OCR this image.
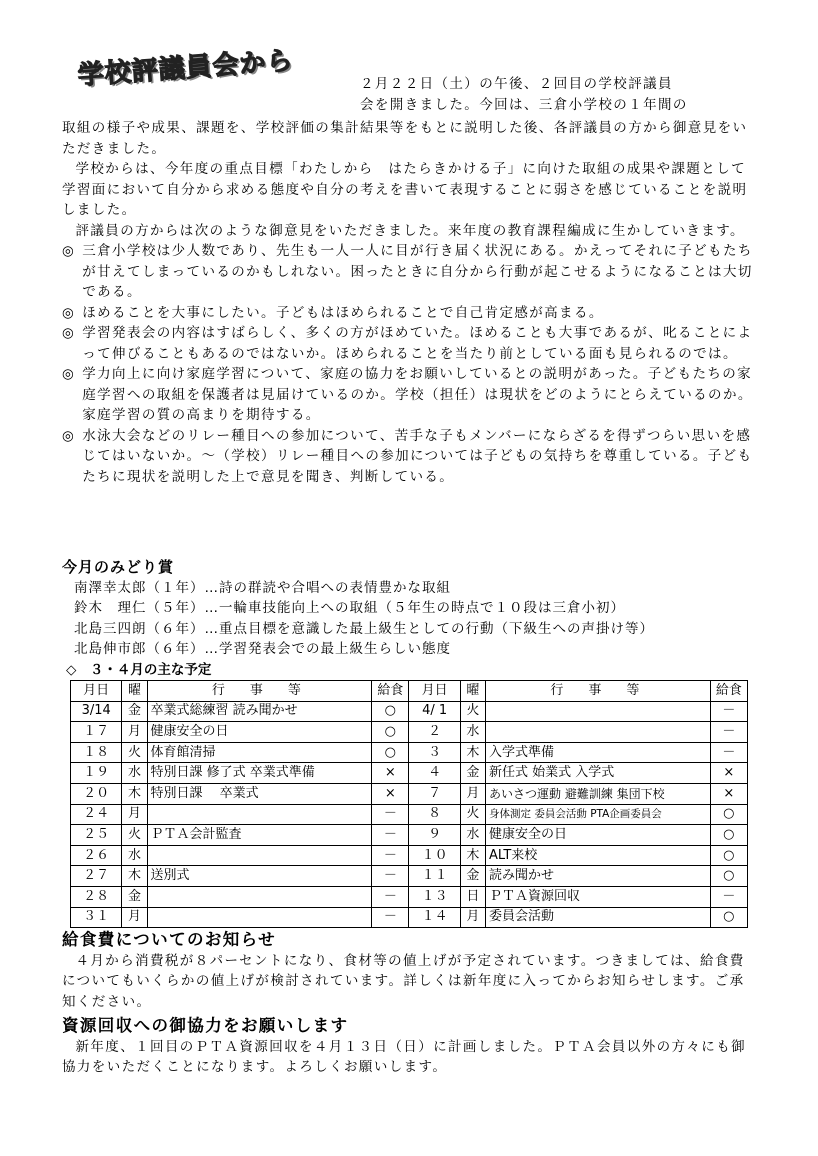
学校評議員会から	２月２２日（土）の午後、２回目の学校評議員
会を開きました。今回は、三倉小学校の１年間の

取組の様子や成果、課題を、学校評価の集計結果等をもとに説明した後、各評議員の方から御意見をいただきました。

学校からは、今年度の重点目標「わたしから　はたらきかける子」に向けた取組の成果や課題として学習面において自分から求める態度や自分の考えを書いて表現することに弱さを感じていることを説明しました。

評議員の方からは次のような御意見をいただきました。来年度の教育課程編成に生かしていきます。

◎ 三倉小学校は少人数であり、先生も一人一人に目が行き届く状況にある。かえってそれに子どもたちが甘えてしまっているのかもしれない。困ったときに自分から行動が起こせるようになることは大切である。

◎ ほめることを大事にしたい。子どもはほめられることで自己肯定感が高まる。

◎ 学習発表会の内容はすばらしく、多くの方がほめていた。ほめることも大事であるが、叱ることによって伸びることもあるのではないか。ほめられることを当たり前としている面も見られるのでは。

◎ 学力向上に向け家庭学習について、家庭の協力をお願いしているとの説明があった。子どもたちの家庭学習への取組を保護者は見届けているのか。学校（担任）は現状をどのようにとらえているのか。家庭学習の質の高まりを期待する。

◎ 水泳大会などのリレー種目への参加について、苦手な子もメンバーにならざるを得ずつらい思いを感じてはいないか。～（学校）リレー種目への参加については子どもの気持ちを尊重している。子どもたちに現状を説明した上で意見を聞き、判断している。

今月のみどり賞
南澤幸太郎（１年）…詩の群読や合唱への表情豊かな取組
鈴木　理仁（５年）…一輪車技能向上への取組（５年生の時点で１０段は三倉小初）
北島三四朗（６年）…重点目標を意識した最上級生としての行動（下級生への声掛け等）
北島伸市郎（６年）…学習発表会での最上級生らしい態度
◇　３・４月の主な予定
月日	曜	行　事　等	給食	月日	曜	行　事　等	給食
3/14	金	卒業式総練習 読み聞かせ	○	4/ 1	火		－
１７	月	健康安全の日	○	２	水		－
１８	火	体育館清掃	○	３	木	入学式準備	－
１９	水	特別日課 修了式 卒業式準備	×	４	金	新任式 始業式 入学式	×
２０	木	特別日課　 卒業式	×	７	月	あいさつ運動 避難訓練 集団下校	×
２４	月		－	８	火	身体測定 委員会活動 PTA企画委員会	○
２５	火	ＰＴＡ会計監査	－	９	水	健康安全の日	○
２６	水		－	１０	木	ALT来校	○
２７	木	送別式	－	１１	金	読み聞かせ	○
２８	金		－	１３	日	ＰＴＡ資源回収	－
３１	月		－	１４	月	委員会活動	○
給食費についてのお知らせ

４月から消費税が８パーセントになり、食材等の値上げが予定されています。つきましては、給食費についてもいくらかの値上げが検討されています。詳しくは新年度に入ってからお知らせします。ご承知ください。

資源回収への御協力をお願いします

新年度、１回目のＰＴＡ資源回収を４月１３日（日）に計画しました。ＰＴＡ会員以外の方々にも御協力をいただくことになります。よろしくお願いします。
